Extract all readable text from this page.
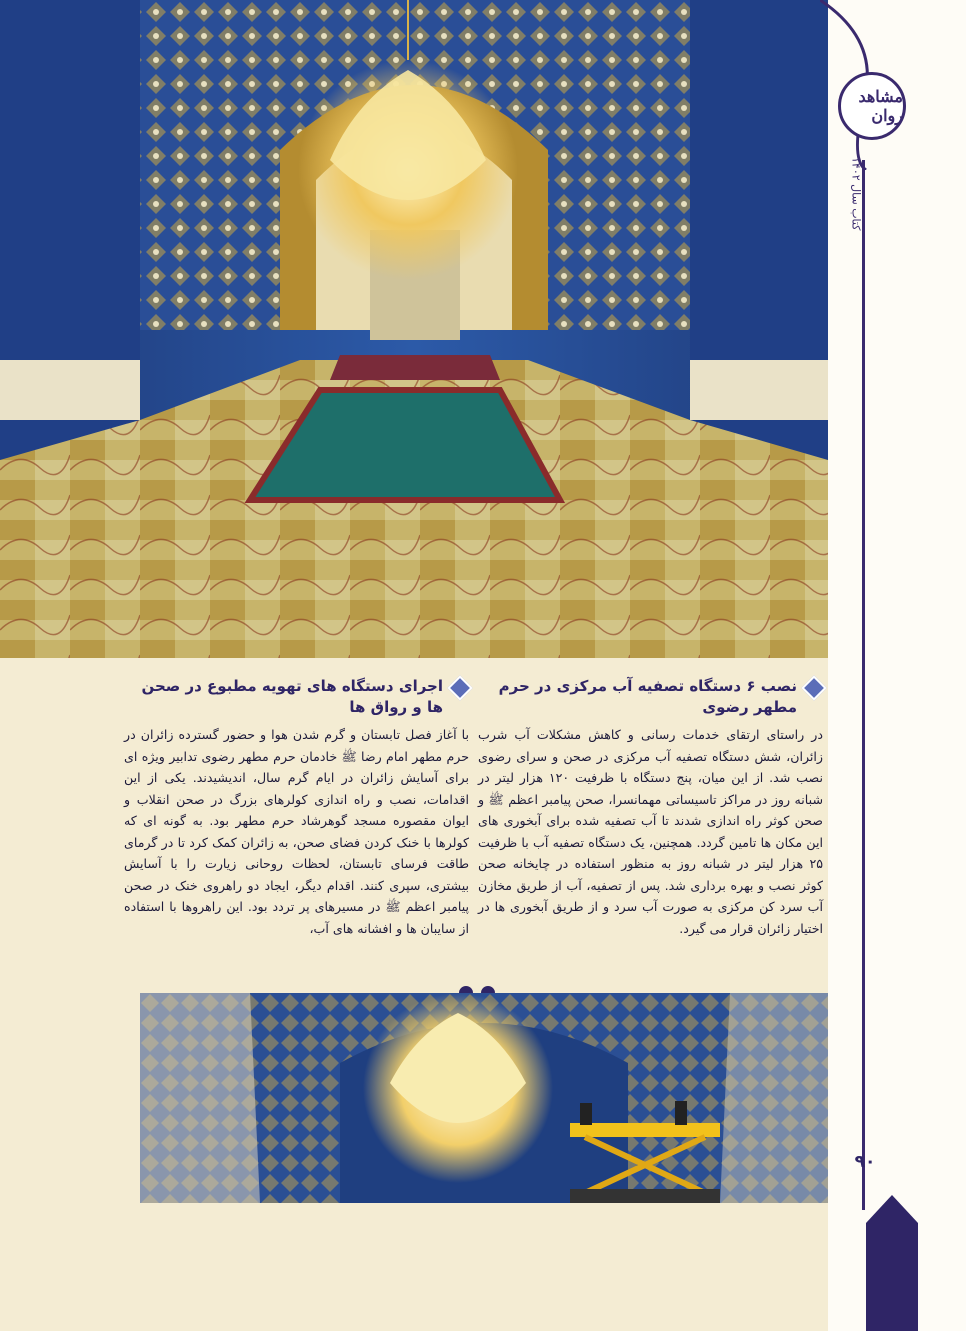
مشاهد روان
کتاب سال ۱۴۰۲
۹۰
نصب ۶ دستگاه تصفیه آب مرکزی در حرم مطهر رضوی

در راستای ارتقای خدمات رسانی و کاهش مشکلات آب شرب زائران، شش دستگاه تصفیه آب مرکزی در صحن و سرای رضوی نصب شد. از این میان، پنج دستگاه با ظرفیت ۱۲۰ هزار لیتر در شبانه روز در مراکز تاسیساتی مهمانسرا، صحن پیامبر اعظم ﷺ و صحن کوثر راه اندازی شدند تا آب تصفیه شده برای آبخوری های این مکان ها تامین گردد. همچنین، یک دستگاه تصفیه آب با ظرفیت ۲۵ هزار لیتر در شبانه روز به منظور استفاده در چایخانه صحن کوثر نصب و بهره برداری شد. پس از تصفیه، آب از طریق مخازن آب سرد کن مرکزی به صورت آب سرد و از طریق آبخوری ها در اختیار زائران قرار می گیرد.

اجرای دستگاه های تهویه مطبوع در صحن ها و رواق ها

با آغاز فصل تابستان و گرم شدن هوا و حضور گسترده زائران در حرم مطهر امام رضا ﷺ خادمان حرم مطهر رضوی تدابیر ویژه ای برای آسایش زائران در ایام گرم سال، اندیشیدند. یکی از این اقدامات، نصب و راه اندازی کولرهای بزرگ در صحن انقلاب و ایوان مقصوره مسجد گوهرشاد حرم مطهر بود. به گونه ای که کولرها با خنک کردن فضای صحن، به زائران کمک کرد تا در گرمای طاقت فرسای تابستان، لحظات روحانی زیارت را با آسایش بیشتری، سپری کنند. اقدام دیگر، ایجاد دو راهروی خنک در صحن پیامبر اعظم ﷺ در مسیرهای پر تردد بود. این راهروها با استفاده از سایبان ها و افشانه های آب،
